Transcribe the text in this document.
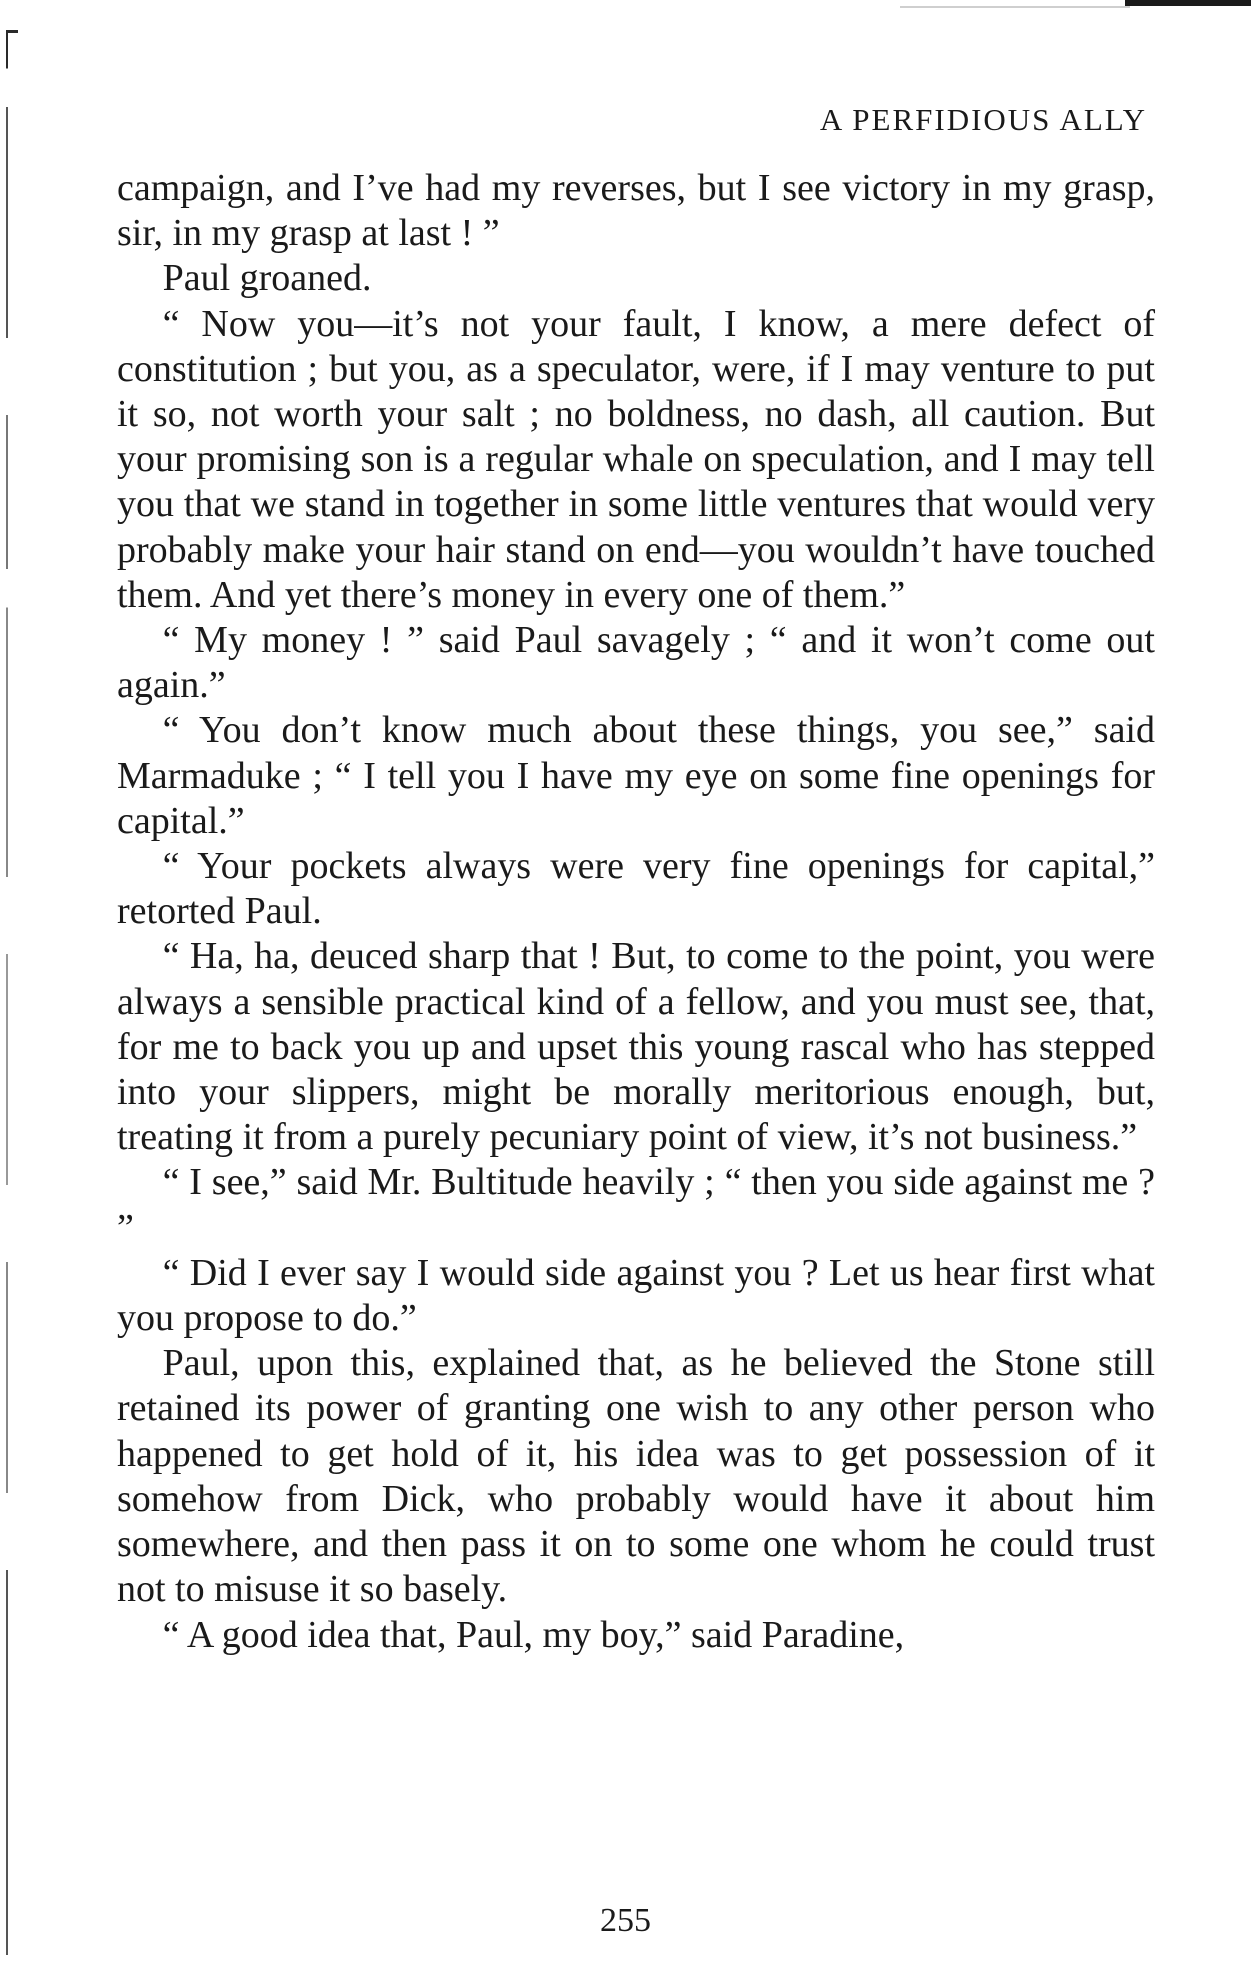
A PERFIDIOUS ALLY

campaign, and I’ve had my reverses, but I see victory in my grasp, sir, in my grasp at last ! ”

Paul groaned.

“ Now you—it’s not your fault, I know, a mere defect of constitution ; but you, as a speculator, were, if I may venture to put it so, not worth your salt ; no boldness, no dash, all caution. But your promising son is a regular whale on speculation, and I may tell you that we stand in together in some little ventures that would very probably make your hair stand on end—you wouldn’t have touched them. And yet there’s money in every one of them.”

“ My money ! ” said Paul savagely ; “ and it won’t come out again.”

“ You don’t know much about these things, you see,” said Marmaduke ; “ I tell you I have my eye on some fine openings for capital.”

“ Your pockets always were very fine openings for capital,” retorted Paul.

“ Ha, ha, deuced sharp that ! But, to come to the point, you were always a sensible practical kind of a fellow, and you must see, that, for me to back you up and upset this young rascal who has stepped into your slippers, might be morally meritorious enough, but, treating it from a purely pecuniary point of view, it’s not business.”

“ I see,” said Mr. Bultitude heavily ; “ then you side against me ? ”

“ Did I ever say I would side against you ? Let us hear first what you propose to do.”

Paul, upon this, explained that, as he believed the Stone still retained its power of granting one wish to any other person who happened to get hold of it, his idea was to get possession of it somehow from Dick, who probably would have it about him somewhere, and then pass it on to some one whom he could trust not to misuse it so basely.

“ A good idea that, Paul, my boy,” said Paradine,

255
